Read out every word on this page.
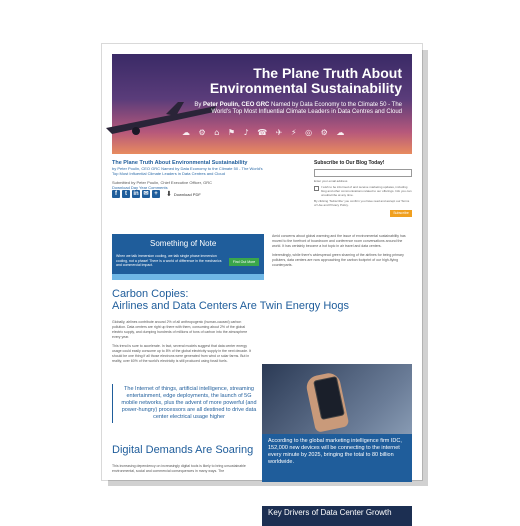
The Plane Truth About
Environmental Sustainability
By Peter Poulin, CEO GRC Named by Data Economy to the Climate 50 - The World's Top Most Influential Climate Leaders in Data Centres and Cloud
☁ ⚙ ⌂ ⚑ ♪ ☎ ✈ ⚡ ◎ ⚙ ☁
The Plane Truth About Environmental Sustainability
by Peter Poulin, CEO GRC Named by Data Economy to the Climate 50 - The World's
Top Most Influential Climate Leaders in Data Centres and Cloud
Submitted by Peter Poulin, Chief Executive Officer, GRC
Download Day Year Comments
f	t	in ✉ +	⬇ Download PDF
Subscribe to Our Blog Today!
Enter your email address
I wish to be informed of and receive marketing updates, including blog and other communications related to our offerings. Info you can unsubscribe at any time.
By clicking 'Subscribe' you confirm you have read and accept our Terms of Use and Privacy Policy.
Subscribe
Something of Note
When we talk immersion cooling, we talk single phase immersion cooling, not a phase! There is a world of difference in the mechanics and commercial impact.
Find Out More

Amid concerns about global warming and the issue of environmental sustainability has moved to the forefront of boardroom and conference room conversations around the world. It has certainly become a hot topic in air travel and data centers.

Interestingly, while there's widespread green shaming of the airlines for being primary polluters, data centers are now approaching the carbon footprint of our high-flying counterparts.

Carbon Copies:
Airlines and Data Centers Are Twin Energy Hogs

Globally, airlines contribute around 2% of all anthropogenic (human-caused) carbon pollution. Data centers are right up there with them, consuming about 2% of the global electric supply, and dumping hundreds of millions of tons of carbon into the atmosphere every year.

This trend is sure to accelerate. In fact, several models suggest that data center energy usage could easily consume up to 8% of the global electricity supply in the next decade. It should be one thing if all those electrons were generated from wind or solar farms. But in reality, over 60% of the world's electricity is still produced using fossil fuels.

The Internet of things, artificial intelligence, streaming entertainment, edge deployments, the launch of 5G mobile networks, plus the advent of more powerful (and power-hungry) processors are all destined to drive data center electrical usage higher
According to the global marketing intelligence firm IDC, 152,000 new devices will be connecting to the internet every minute by 2025, bringing the total to 80 billion worldwide.
Digital Demands Are Soaring

This increasing dependency on increasingly digital tools is likely to bring unsustainable environmental, social and commercial consequences in many ways. The

Key Drivers of Data Center Growth
